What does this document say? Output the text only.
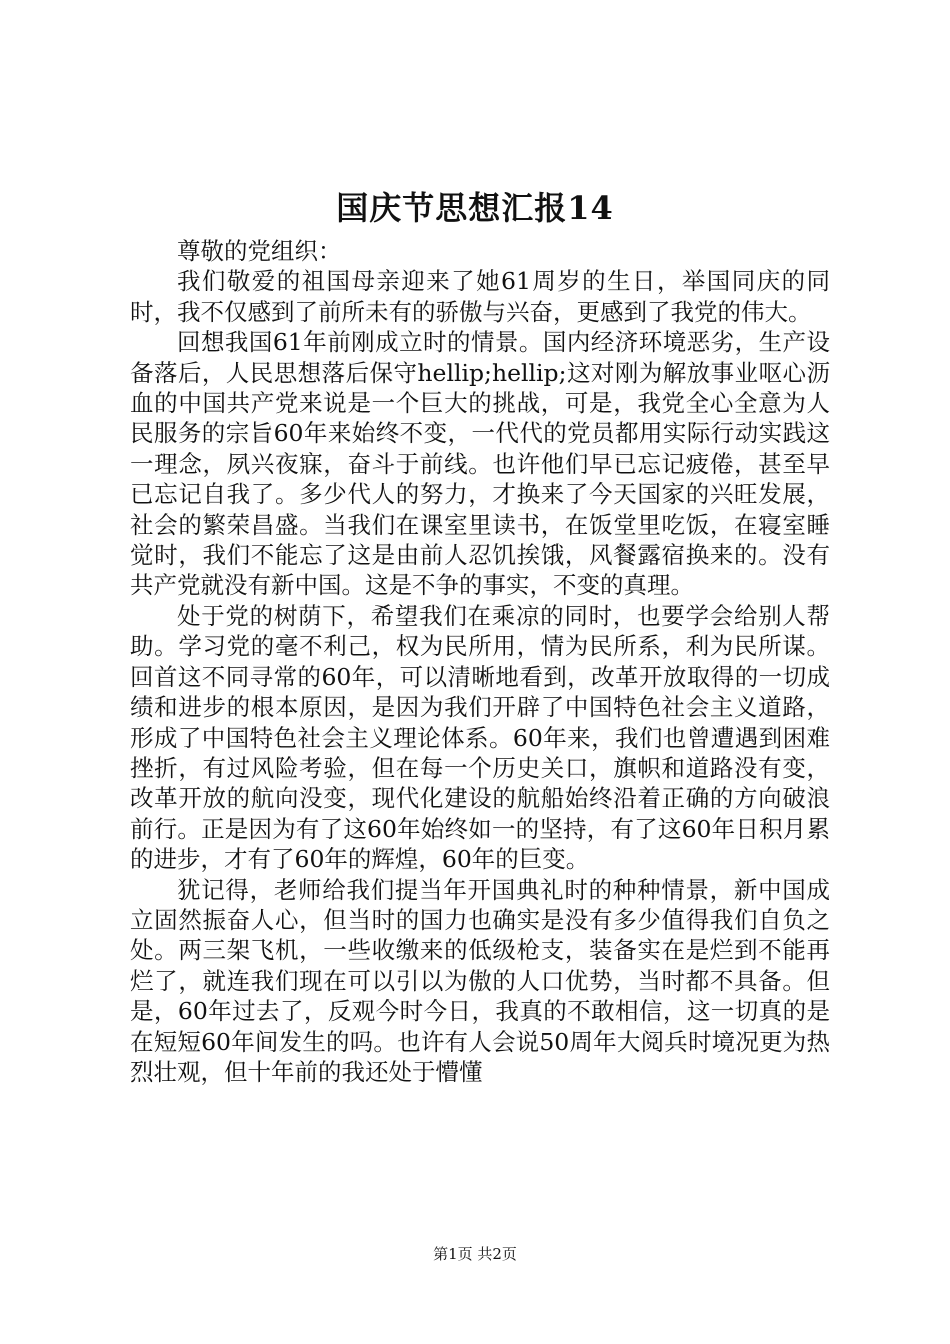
国庆节思想汇报14

尊敬的党组织：

我们敬爱的祖国母亲迎来了她61周岁的生日，举国同庆的同时，我不仅感到了前所未有的骄傲与兴奋，更感到了我党的伟大。

回想我国61年前刚成立时的情景。国内经济环境恶劣，生产设备落后，人民思想落后保守hellip;hellip;这对刚为解放事业呕心沥血的中国共产党来说是一个巨大的挑战，可是，我党全心全意为人民服务的宗旨60年来始终不变，一代代的党员都用实际行动实践这一理念，夙兴夜寐，奋斗于前线。也许他们早已忘记疲倦，甚至早已忘记自我了。多少代人的努力，才换来了今天国家的兴旺发展，社会的繁荣昌盛。当我们在课室里读书，在饭堂里吃饭，在寝室睡觉时，我们不能忘了这是由前人忍饥挨饿，风餐露宿换来的。没有共产党就没有新中国。这是不争的事实，不变的真理。

处于党的树荫下，希望我们在乘凉的同时，也要学会给别人帮助。学习党的毫不利己，权为民所用，情为民所系，利为民所谋。回首这不同寻常的60年，可以清晰地看到，改革开放取得的一切成绩和进步的根本原因，是因为我们开辟了中国特色社会主义道路，形成了中国特色社会主义理论体系。60年来，我们也曾遭遇到困难挫折，有过风险考验，但在每一个历史关口，旗帜和道路没有变，改革开放的航向没变，现代化建设的航船始终沿着正确的方向破浪前行。正是因为有了这60年始终如一的坚持，有了这60年日积月累的进步，才有了60年的辉煌，60年的巨变。

犹记得，老师给我们提当年开国典礼时的种种情景，新中国成立固然振奋人心，但当时的国力也确实是没有多少值得我们自负之处。两三架飞机，一些收缴来的低级枪支，装备实在是烂到不能再烂了，就连我们现在可以引以为傲的人口优势，当时都不具备。但是，60年过去了，反观今时今日，我真的不敢相信，这一切真的是在短短60年间发生的吗。也许有人会说50周年大阅兵时境况更为热烈壮观，但十年前的我还处于懵懂

第1页 共2页
